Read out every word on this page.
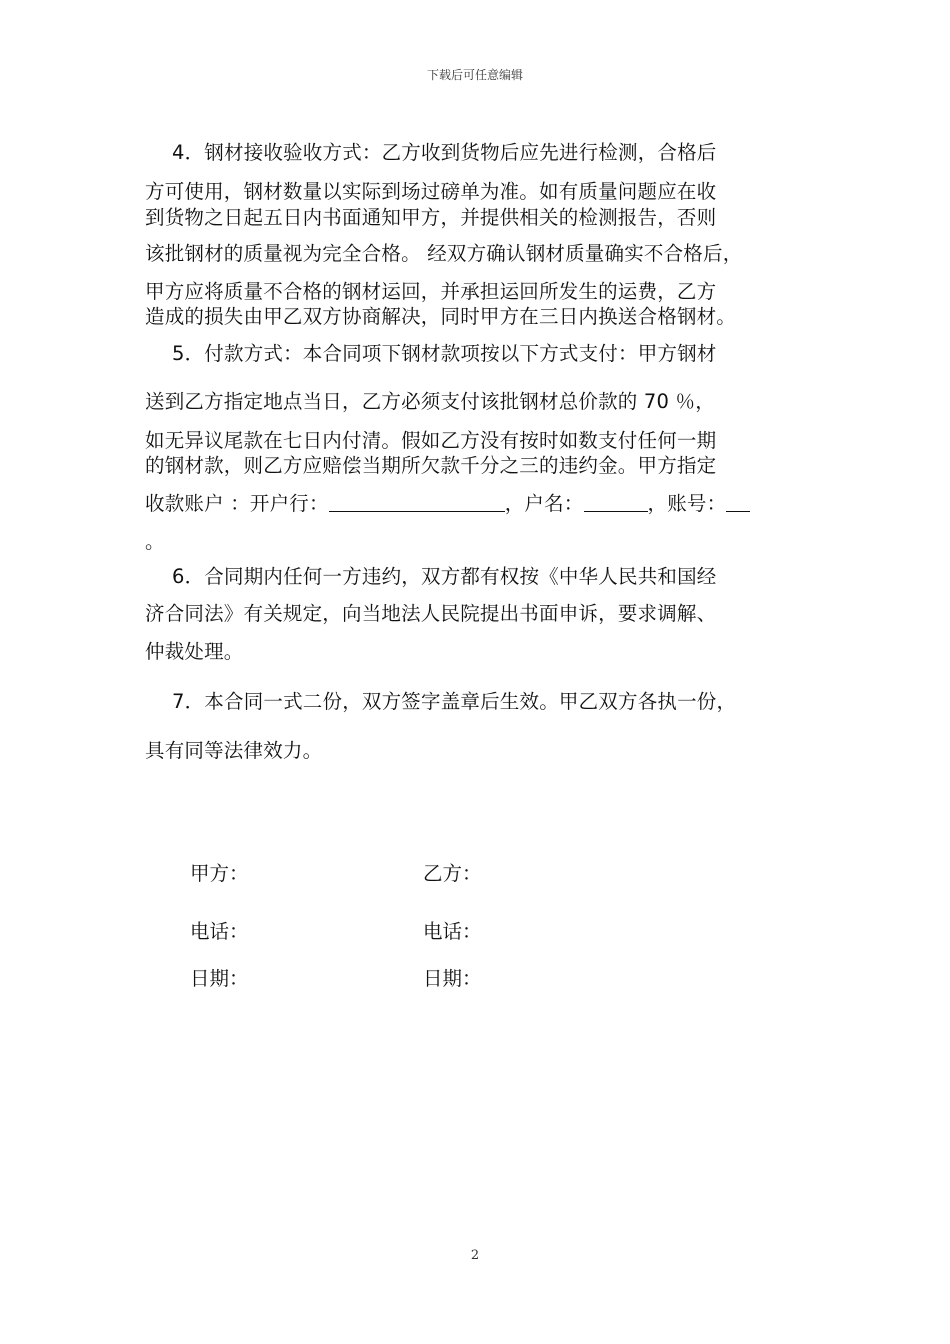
下载后可任意编辑
4．钢材接收验收方式：乙方收到货物后应先进行检测，合格后
方可使用，钢材数量以实际到场过磅单为准。如有质量问题应在收
到货物之日起五日内书面通知甲方，并提供相关的检测报告，否则
该批钢材的质量视为完全合格。 经双方确认钢材质量确实不合格后，
甲方应将质量不合格的钢材运回，并承担运回所发生的运费，乙方
造成的损失由甲乙双方协商解决，同时甲方在三日内换送合格钢材。
5．付款方式：本合同项下钢材款项按以下方式支付：甲方钢材
送到乙方指定地点当日，乙方必须支付该批钢材总价款的 70 ％，
如无异议尾款在七日内付清。假如乙方没有按时如数支付任何一期
的钢材款，则乙方应赔偿当期所欠款千分之三的违约金。甲方指定
收款账户 ：开户行：	，户名：	，账号：
。
6．合同期内任何一方违约，双方都有权按《中华人民共和国经
济合同法》有关规定，向当地法人民院提出书面申诉，要求调解、
仲裁处理。
7．本合同一式二份，双方签字盖章后生效。甲乙双方各执一份，
具有同等法律效力。
甲方：	乙方：
电话：	电话：
日期：	日期：
2
